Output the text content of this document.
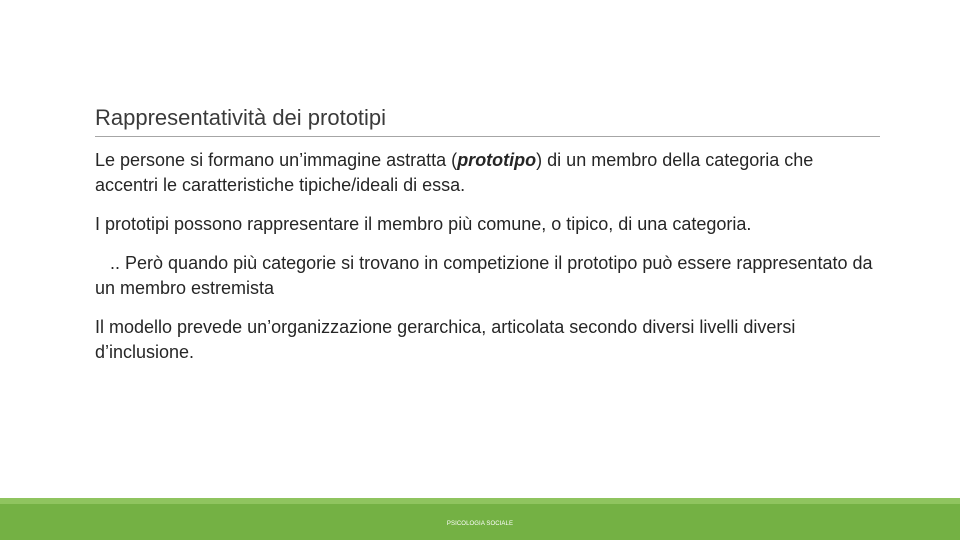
Rappresentatività dei prototipi

Le persone si formano un’immagine astratta (prototipo) di un membro della categoria che accentri le caratteristiche tipiche/ideali di essa.

I prototipi possono rappresentare il membro più comune, o tipico, di una categoria.

.. Però quando più categorie si trovano in competizione il prototipo può essere rappresentato da un membro estremista

Il modello prevede un’organizzazione gerarchica, articolata secondo diversi livelli diversi d’inclusione.

PSICOLOGIA SOCIALE
